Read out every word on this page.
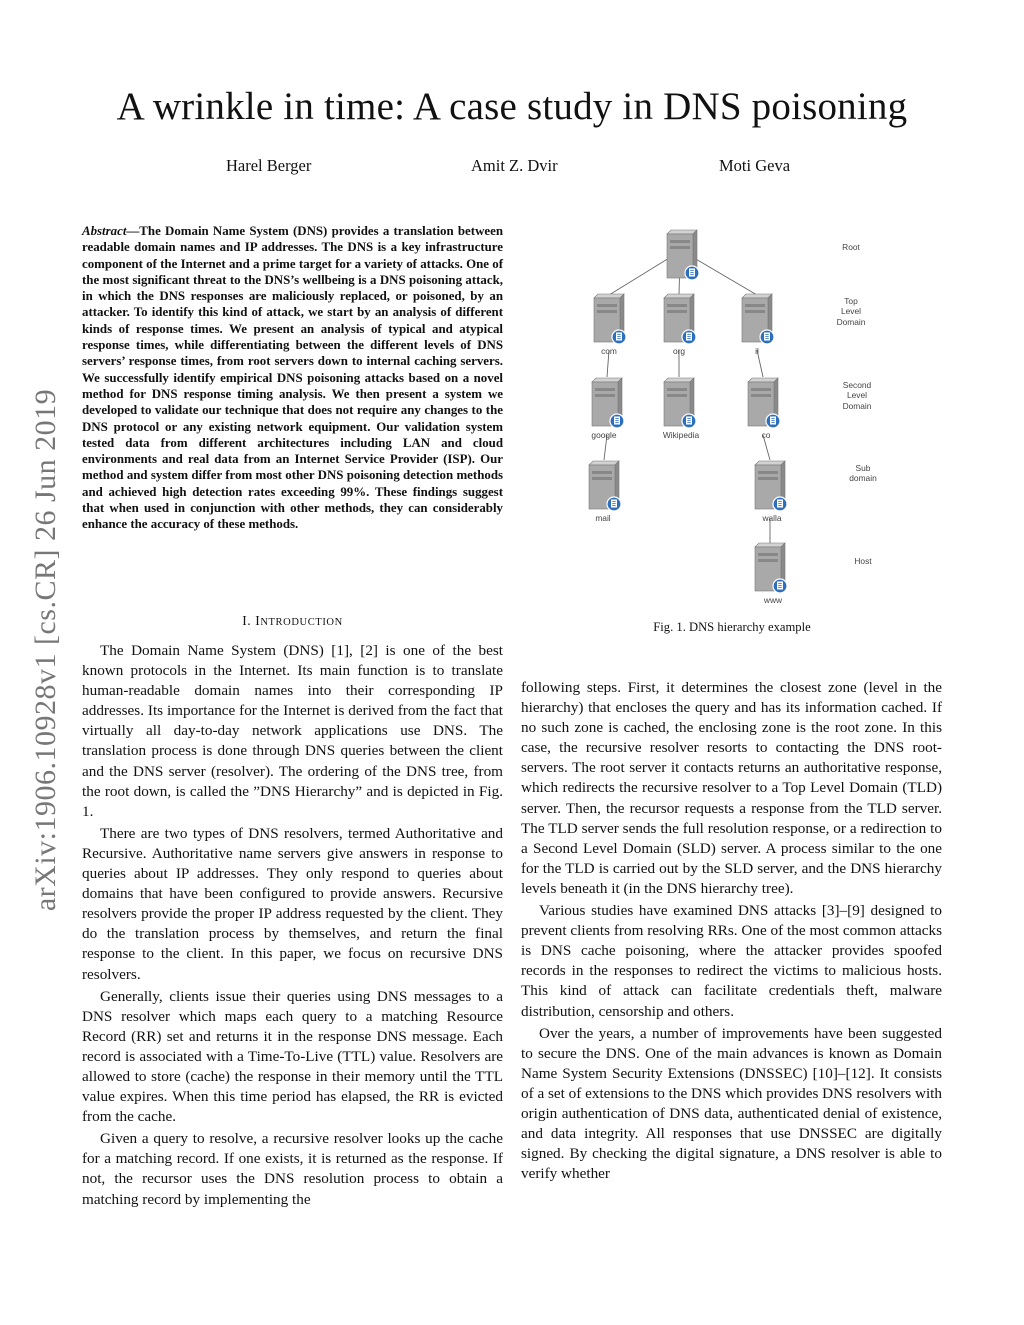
A wrinkle in time: A case study in DNS poisoning
Harel Berger	Amit Z. Dvir	Moti Geva
arXiv:1906.10928v1 [cs.CR] 26 Jun 2019
Abstract—The Domain Name System (DNS) provides a translation between readable domain names and IP addresses. The DNS is a key infrastructure component of the Internet and a prime target for a variety of attacks. One of the most significant threat to the DNS’s wellbeing is a DNS poisoning attack, in which the DNS responses are maliciously replaced, or poisoned, by an attacker. To identify this kind of attack, we start by an analysis of different kinds of response times. We present an analysis of typical and atypical response times, while differentiating between the different levels of DNS servers’ response times, from root servers down to internal caching servers. We successfully identify empirical DNS poisoning attacks based on a novel method for DNS response timing analysis. We then present a system we developed to validate our technique that does not require any changes to the DNS protocol or any existing network equipment. Our validation system tested data from different architectures including LAN and cloud environments and real data from an Internet Service Provider (ISP). Our method and system differ from most other DNS poisoning detection methods and achieved high detection rates exceeding 99%. These findings suggest that when used in conjunction with other methods, they can considerably enhance the accuracy of these methods.
I. INTRODUCTION

The Domain Name System (DNS) [1], [2] is one of the best known protocols in the Internet. Its main function is to translate human-readable domain names into their corresponding IP addresses. Its importance for the Internet is derived from the fact that virtually all day-to-day network applications use DNS. The translation process is done through DNS queries between the client and the DNS server (resolver). The ordering of the DNS tree, from the root down, is called the ”DNS Hierarchy” and is depicted in Fig. 1.

There are two types of DNS resolvers, termed Authoritative and Recursive. Authoritative name servers give answers in response to queries about IP addresses. They only respond to queries about domains that have been configured to provide answers. Recursive resolvers provide the proper IP address requested by the client. They do the translation process by themselves, and return the final response to the client. In this paper, we focus on recursive DNS resolvers.

Generally, clients issue their queries using DNS messages to a DNS resolver which maps each query to a matching Resource Record (RR) set and returns it in the response DNS message. Each record is associated with a Time-To-Live (TTL) value. Resolvers are allowed to store (cache) the response in their memory until the TTL value expires. When this time period has elapsed, the RR is evicted from the cache.

Given a query to resolve, a recursive resolver looks up the cache for a matching record. If one exists, it is returned as the response. If not, the recursor uses the DNS resolution process to obtain a matching record by implementing the

following steps. First, it determines the closest zone (level in the hierarchy) that encloses the query and has its information cached. If no such zone is cached, the enclosing zone is the root zone. In this case, the recursive resolver resorts to contacting the DNS root-servers. The root server it contacts returns an authoritative response, which redirects the recursive resolver to a Top Level Domain (TLD) server. Then, the recursor requests a response from the TLD server. The TLD server sends the full resolution response, or a redirection to a Second Level Domain (SLD) server. A process similar to the one for the TLD is carried out by the SLD server, and the DNS hierarchy levels beneath it (in the DNS hierarchy tree).

Various studies have examined DNS attacks [3]–[9] designed to prevent clients from resolving RRs. One of the most common attacks is DNS cache poisoning, where the attacker provides spoofed records in the responses to redirect the victims to malicious hosts. This kind of attack can facilitate credentials theft, malware distribution, censorship and others.

Over the years, a number of improvements have been suggested to secure the DNS. One of the main advances is known as Domain Name System Security Extensions (DNSSEC) [10]–[12]. It consists of a set of extensions to the DNS which provides DNS resolvers with origin authentication of DNS data, authenticated denial of existence, and data integrity. All responses that use DNSSEC are digitally signed. By checking the digital signature, a DNS resolver is able to verify whether

com	org	il
google	Wikipedia	co
mail	walla
www
Root
Top
Level
Domain
Second
Level
Domain
Sub
domain
Host
Fig. 1. DNS hierarchy example
